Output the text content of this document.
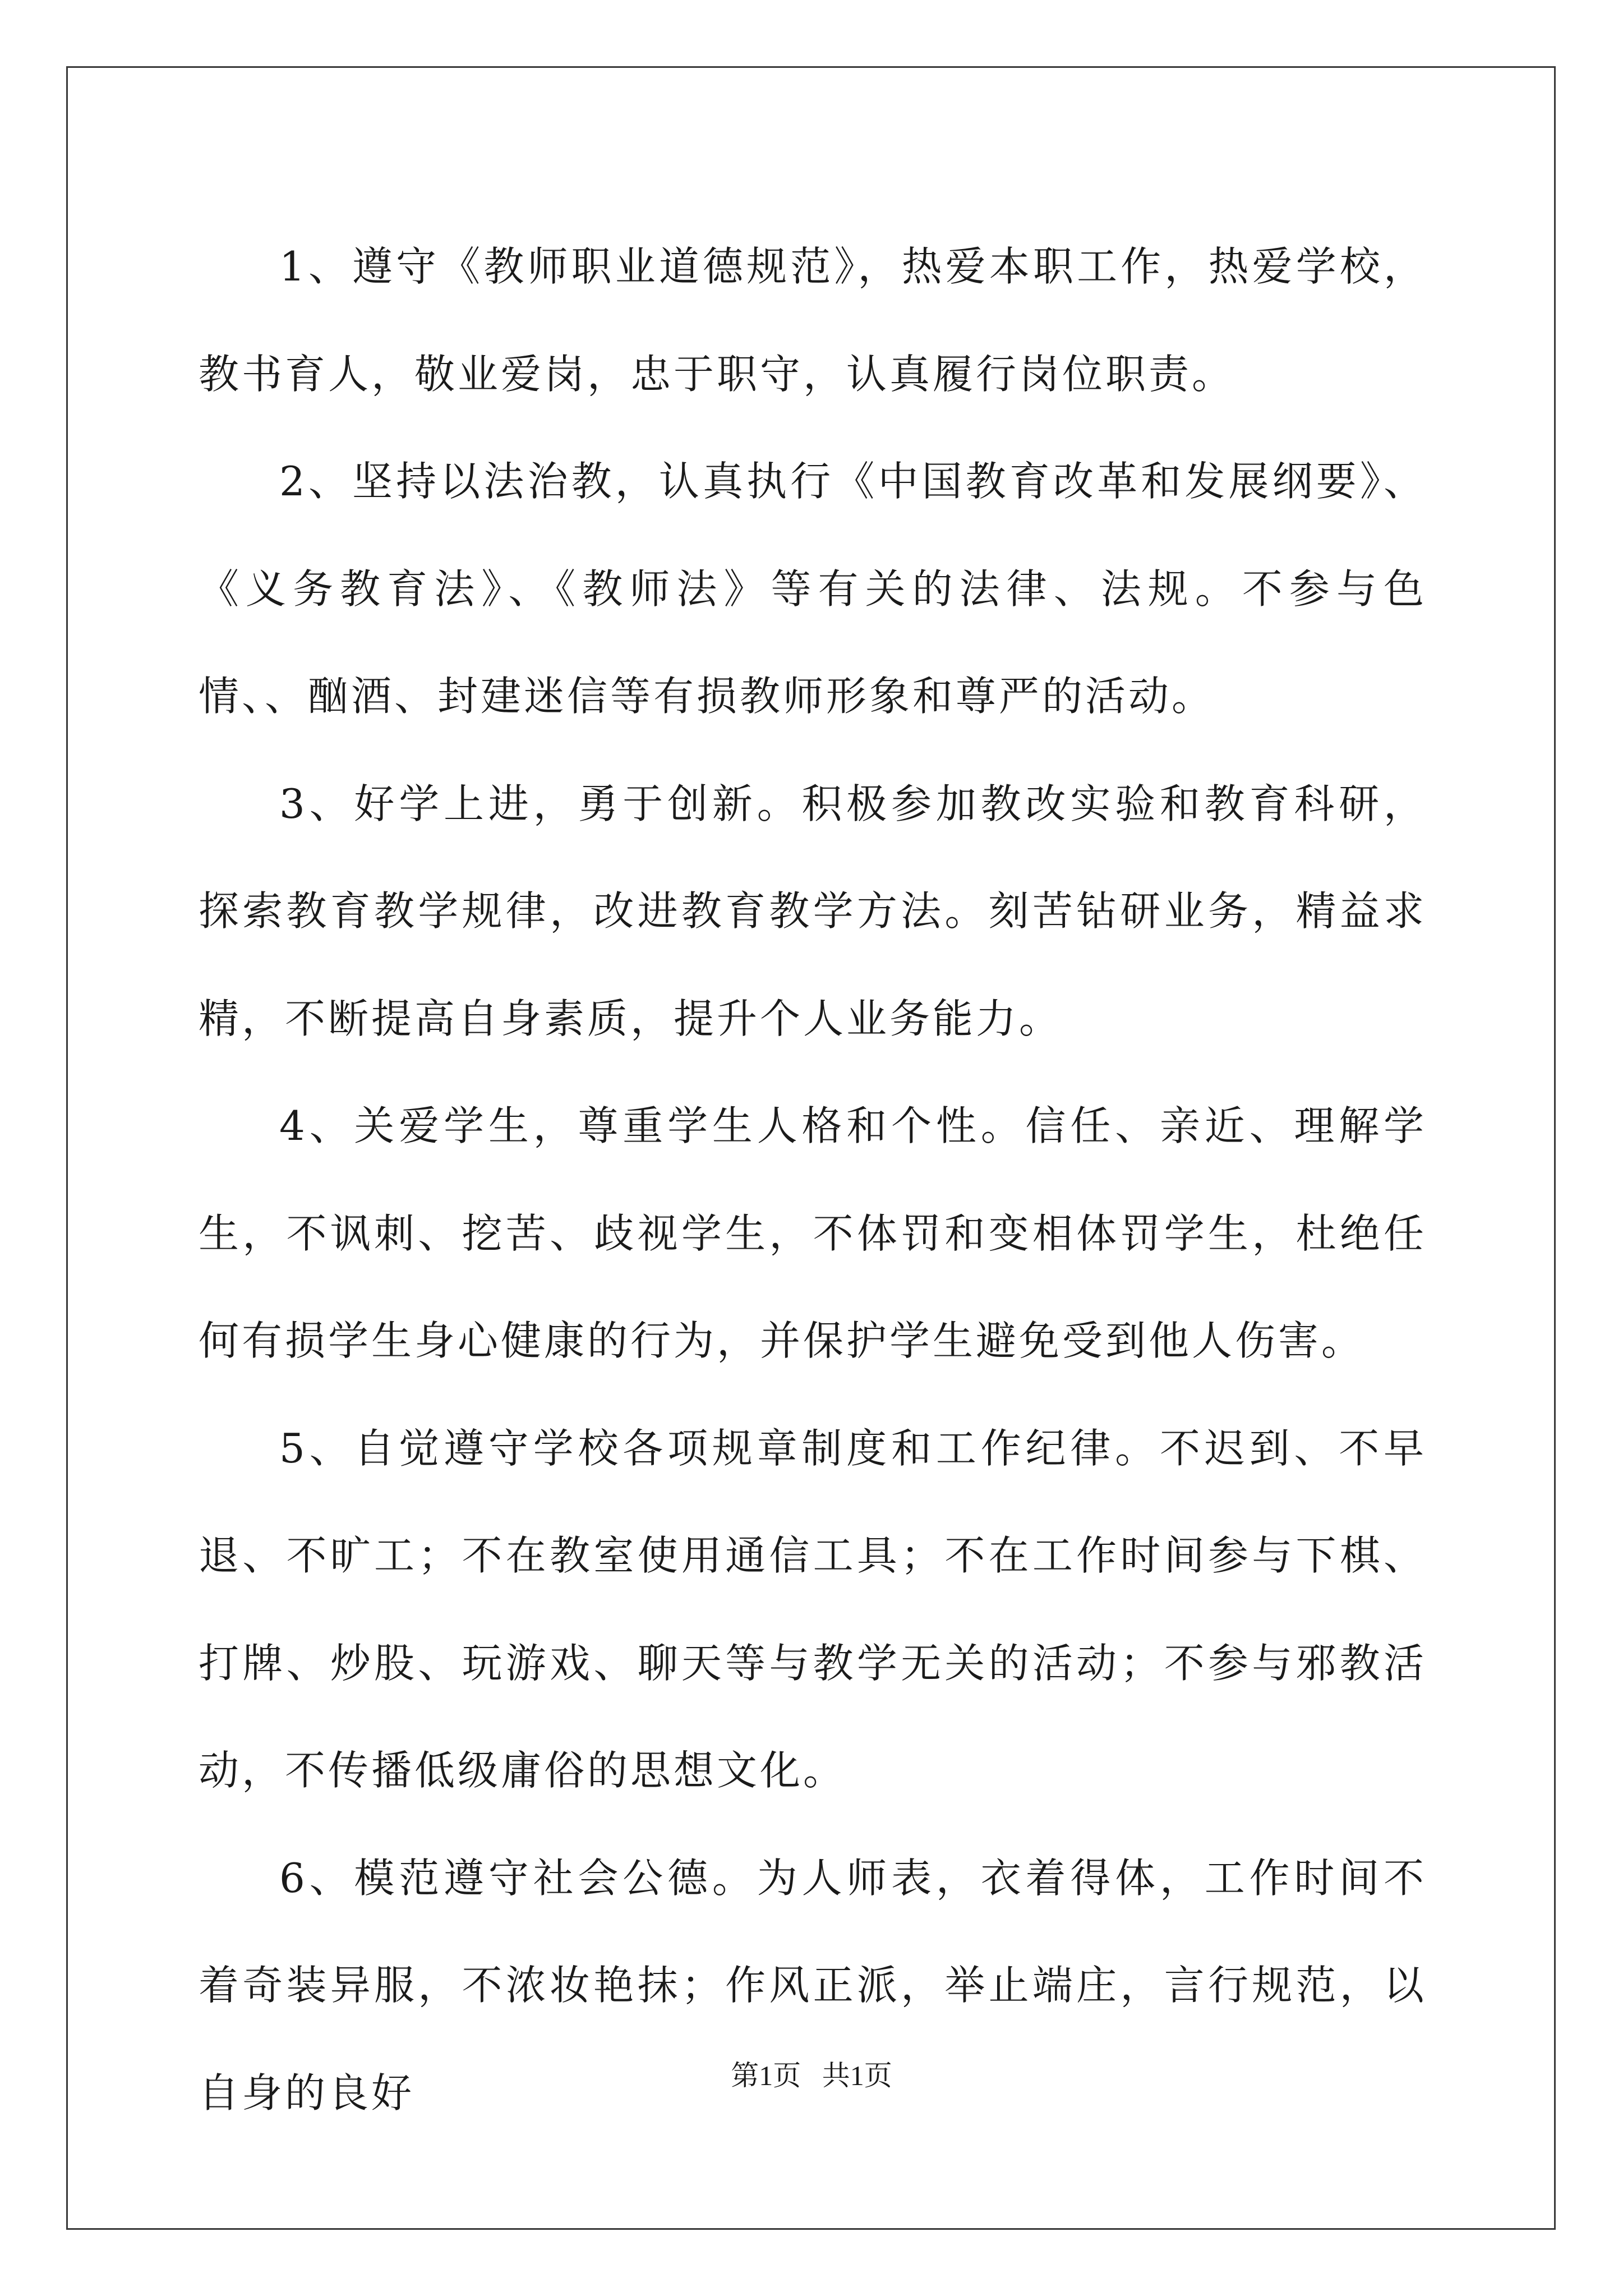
1、遵守《教师职业道德规范》，热爱本职工作，热爱学校，教书育人，敬业爱岗，忠于职守，认真履行岗位职责。

2、坚持以法治教，认真执行《中国教育改革和发展纲要》、《义务教育法》、《教师法》等有关的法律、法规。不参与色情、、酗酒、封建迷信等有损教师形象和尊严的活动。

3、好学上进，勇于创新。积极参加教改实验和教育科研，探索教育教学规律，改进教育教学方法。刻苦钻研业务，精益求精，不断提高自身素质，提升个人业务能力。

4、关爱学生，尊重学生人格和个性。信任、亲近、理解学生，不讽刺、挖苦、歧视学生，不体罚和变相体罚学生，杜绝任何有损学生身心健康的行为，并保护学生避免受到他人伤害。

5、自觉遵守学校各项规章制度和工作纪律。不迟到、不早退、不旷工；不在教室使用通信工具；不在工作时间参与下棋、打牌、炒股、玩游戏、聊天等与教学无关的活动；不参与邪教活动，不传播低级庸俗的思想文化。

6、模范遵守社会公德。为人师表，衣着得体，工作时间不着奇装异服，不浓妆艳抹；作风正派，举止端庄，言行规范，以自身的良好	第1页   共1页
